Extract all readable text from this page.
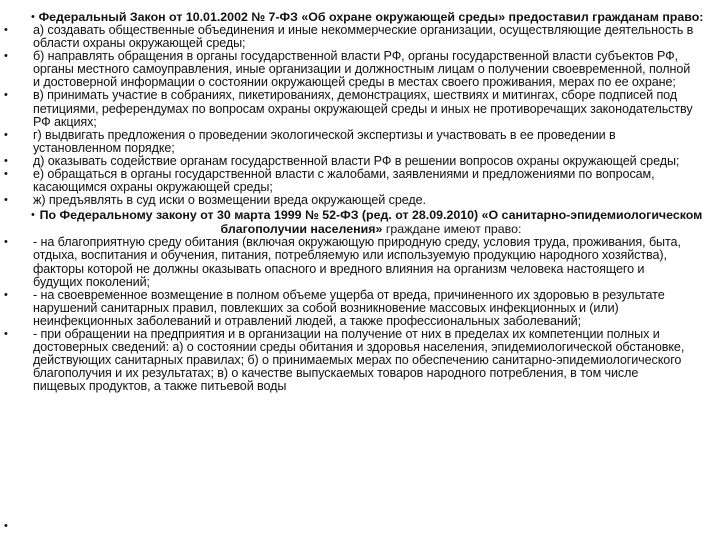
• Федеральный Закон от 10.01.2002 № 7-ФЗ «Об охране окружающей среды» предоставил гражданам право:
• а) создавать общественные объединения и иные некоммерческие организации, осуществляющие деятельность в области охраны окружающей среды;
• б) направлять обращения в органы государственной власти РФ, органы государственной власти субъектов РФ, органы местного самоуправления, иные организации и должностным лицам о получении своевременной, полной и достоверной информации о состоянии окружающей среды в местах своего проживания, мерах по ее охране;
• в) принимать участие в собраниях, пикетированиях, демонстрациях, шествиях и митингах, сборе подписей под петициями, референдумах по вопросам охраны окружающей среды и иных не противоречащих законодательству РФ акциях;
• г) выдвигать предложения о проведении экологической экспертизы и участвовать в ее проведении в установленном порядке;
• д) оказывать содействие органам государственной власти РФ в решении вопросов охраны окружающей среды;
• е) обращаться в органы государственной власти с жалобами, заявлениями и предложениями по вопросам, касающимся охраны окружающей среды;
• ж) предъявлять в суд иски о возмещении вреда окружающей среде.
• По Федеральному закону от 30 марта 1999 № 52-ФЗ (ред. от 28.09.2010) «О санитарно-эпидемиологическом благополучии населения» граждане имеют право:
• - на благоприятную среду обитания (включая окружающую природную среду, условия труда, проживания, быта, отдыха, воспитания и обучения, питания, потребляемую или используемую продукцию народного хозяйства), факторы которой не должны оказывать опасного и вредного влияния на организм человека настоящего и будущих поколений;
• - на своевременное возмещение в полном объеме ущерба от вреда, причиненного их здоровью в результате нарушений санитарных правил, повлекших за собой возникновение массовых инфекционных и (или) неинфекционных заболеваний и отравлений людей, а также профессиональных заболеваний;
• - при обращении на предприятия и в организации на получение от них в пределах их компетенции полных и достоверных сведений: а) о состоянии среды обитания и здоровья населения, эпидемиологической обстановке, действующих санитарных правилах; б) о принимаемых мерах по обеспечению санитарно-эпидемиологического благополучия и их результатах; в) о качестве выпускаемых товаров народного потребления, в том числе пищевых продуктов, а также питьевой воды
•
